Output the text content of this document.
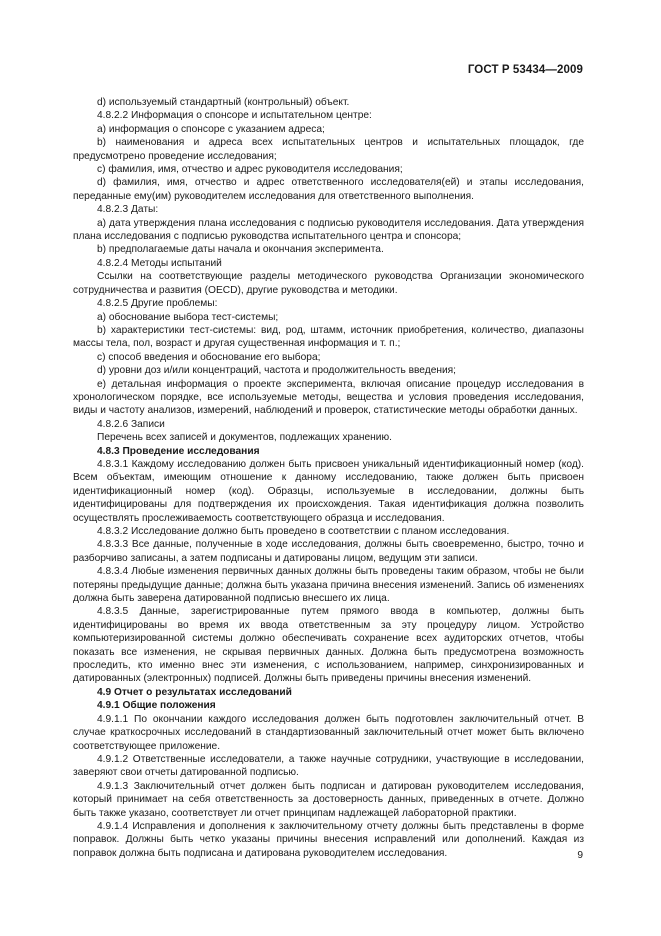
ГОСТ Р 53434—2009

d) используемый стандартный (контрольный) объект.

4.8.2.2 Информация о спонсоре и испытательном центре:

a) информация о спонсоре с указанием адреса;

b) наименования и адреса всех испытательных центров и испытательных площадок, где предусмотрено проведение исследования;

c) фамилия, имя, отчество и адрес руководителя исследования;

d) фамилия, имя, отчество и адрес ответственного исследователя(ей) и этапы исследования, переданные ему(им) руководителем исследования для ответственного выполнения.

4.8.2.3 Даты:

a) дата утверждения плана исследования с подписью руководителя исследования. Дата утверждения плана исследования с подписью руководства испытательного центра и спонсора;

b) предполагаемые даты начала и окончания эксперимента.

4.8.2.4 Методы испытаний

Ссылки на соответствующие разделы методического руководства Организации экономического сотрудничества и развития (OECD), другие руководства и методики.

4.8.2.5 Другие проблемы:

a) обоснование выбора тест-системы;

b) характеристики тест-системы: вид, род, штамм, источник приобретения, количество, диапазоны массы тела, пол, возраст и другая существенная информация и т. п.;

c) способ введения и обоснование его выбора;

d) уровни доз и/или концентраций, частота и продолжительность введения;

e) детальная информация о проекте эксперимента, включая описание процедур исследования в хронологическом порядке, все используемые методы, вещества и условия проведения исследования, виды и частоту анализов, измерений, наблюдений и проверок, статистические методы обработки данных.

4.8.2.6 Записи

Перечень всех записей и документов, подлежащих хранению.

4.8.3 Проведение исследования

4.8.3.1 Каждому исследованию должен быть присвоен уникальный идентификационный номер (код). Всем объектам, имеющим отношение к данному исследованию, также должен быть присвоен идентификационный номер (код). Образцы, используемые в исследовании, должны быть идентифицированы для подтверждения их происхождения. Такая идентификация должна позволить осуществлять прослеживаемость соответствующего образца и исследования.

4.8.3.2 Исследование должно быть проведено в соответствии с планом исследования.

4.8.3.3 Все данные, полученные в ходе исследования, должны быть своевременно, быстро, точно и разборчиво записаны, а затем подписаны и датированы лицом, ведущим эти записи.

4.8.3.4 Любые изменения первичных данных должны быть проведены таким образом, чтобы не были потеряны предыдущие данные; должна быть указана причина внесения изменений. Запись об изменениях должна быть заверена датированной подписью внесшего их лица.

4.8.3.5 Данные, зарегистрированные путем прямого ввода в компьютер, должны быть идентифицированы во время их ввода ответственным за эту процедуру лицом. Устройство компьютеризированной системы должно обеспечивать сохранение всех аудиторских отчетов, чтобы показать все изменения, не скрывая первичных данных. Должна быть предусмотрена возможность проследить, кто именно внес эти изменения, с использованием, например, синхронизированных и датированных (электронных) подписей. Должны быть приведены причины внесения изменений.

4.9 Отчет о результатах исследований

4.9.1 Общие положения

4.9.1.1 По окончании каждого исследования должен быть подготовлен заключительный отчет. В случае краткосрочных исследований в стандартизованный заключительный отчет может быть включено соответствующее приложение.

4.9.1.2 Ответственные исследователи, а также научные сотрудники, участвующие в исследовании, заверяют свои отчеты датированной подписью.

4.9.1.3 Заключительный отчет должен быть подписан и датирован руководителем исследования, который принимает на себя ответственность за достоверность данных, приведенных в отчете. Должно быть также указано, соответствует ли отчет принципам надлежащей лабораторной практики.

4.9.1.4 Исправления и дополнения к заключительному отчету должны быть представлены в форме поправок. Должны быть четко указаны причины внесения исправлений или дополнений. Каждая из поправок должна быть подписана и датирована руководителем исследования.	9
